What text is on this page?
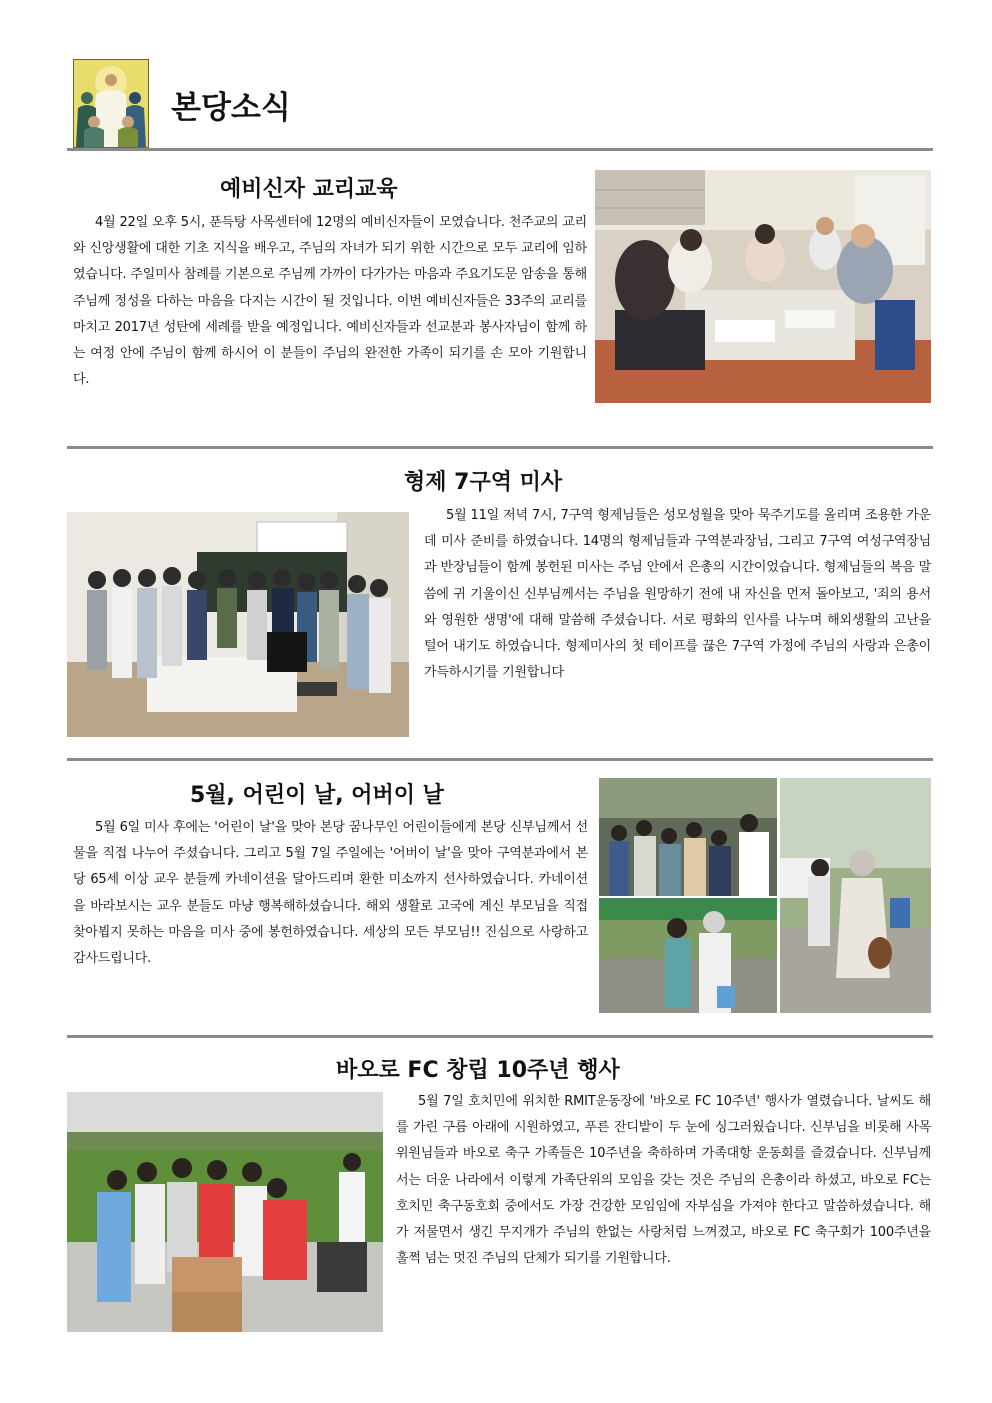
본당소식
예비신자 교리교육

4월 22일 오후 5시, 푼득탕 사목센터에 12명의 예비신자들이 모였습니다. 천주교의 교리와 신앙생활에 대한 기초 지식을 배우고, 주님의 자녀가 되기 위한 시간으로 모두 교리에 임하였습니다. 주일미사 참례를 기본으로 주님께 가까이 다가가는 마음과 주요기도문 암송을 통해 주님께 정성을 다하는 마음을 다지는 시간이 될 것입니다. 이번 예비신자들은 33주의 교리를 마치고 2017년 성탄에 세례를 받을 예정입니다. 예비신자들과 선교분과 봉사자님이 함께 하는 여정 안에 주님이 함께 하시어 이 분들이 주님의 완전한 가족이 되기를 손 모아 기원합니다.

형제 7구역 미사

5월 11일 저녁 7시, 7구역 형제님들은 성모성월을 맞아 묵주기도를 올리며 조용한 가운데 미사 준비를 하였습니다. 14명의 형제님들과 구역분과장님, 그리고 7구역 여성구역장님과 반장님들이 함께 봉헌된 미사는 주님 안에서 은총의 시간이었습니다. 형제님들의 복음 말씀에 귀 기울이신 신부님께서는 주님을 원망하기 전에 내 자신을 먼저 돌아보고, '죄의 용서와 영원한 생명'에 대해 말씀해 주셨습니다. 서로 평화의 인사를 나누며 해외생활의 고난을 털어 내기도 하였습니다. 형제미사의 첫 테이프를 끊은 7구역 가정에 주님의 사랑과 은총이 가득하시기를 기원합니다

5월, 어린이 날, 어버이 날

5월 6일 미사 후에는 '어린이 날'을 맞아 본당 꿈나무인 어린이들에게 본당 신부님께서 선물을 직접 나누어 주셨습니다. 그리고 5월 7일 주일에는 '어버이 날'을 맞아 구역분과에서 본당 65세 이상 교우 분들께 카네이션을 달아드리며 환한 미소까지 선사하였습니다. 카네이션을 바라보시는 교우 분들도 마냥 행복해하셨습니다. 해외 생활로 고국에 계신 부모님을 직접 찾아뵙지 못하는 마음을 미사 중에 봉헌하였습니다. 세상의 모든 부모님!! 진심으로 사랑하고 감사드립니다.

바오로 FC 창립 10주년 행사

5월 7일 호치민에 위치한 RMIT운동장에 '바오로 FC 10주년' 행사가 열렸습니다. 날씨도 해를 가린 구름 아래에 시원하였고, 푸른 잔디밭이 두 눈에 싱그러웠습니다. 신부님을 비롯해 사목위원님들과 바오로 축구 가족들은 10주년을 축하하며 가족대항 운동회를 즐겼습니다. 신부님께서는 더운 나라에서 이렇게 가족단위의 모임을 갖는 것은 주님의 은총이라 하셨고, 바오로 FC는 호치민 축구동호회 중에서도 가장 건강한 모임임에 자부심을 가져야 한다고 말씀하셨습니다. 해가 저물면서 생긴 무지개가 주님의 한없는 사랑처럼 느껴졌고, 바오로 FC 축구회가 100주년을 훌쩍 넘는 멋진 주님의 단체가 되기를 기원합니다.
